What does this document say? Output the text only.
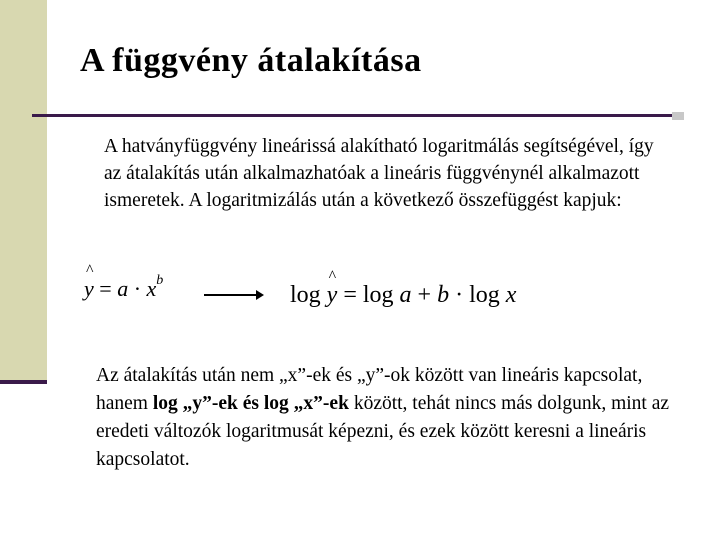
A függvény átalakítása
A hatványfüggvény lineárissá alakítható logaritmálás segítségével, így az átalakítás után alkalmazhatóak a lineáris függvénynél alkalmazott ismeretek. A logaritmizálás után a következő összefüggést kapjuk:
^ $y = a \cdot x^b$
log ^ y = log a + b · log x
Az átalakítás után nem „x”-ek és „y”-ok között van lineáris kapcsolat, hanem log „y”-ek és log „x”-ek között, tehát nincs más dolgunk, mint az eredeti változók logaritmusát képezni, és ezek között keresni a lineáris kapcsolatot.
